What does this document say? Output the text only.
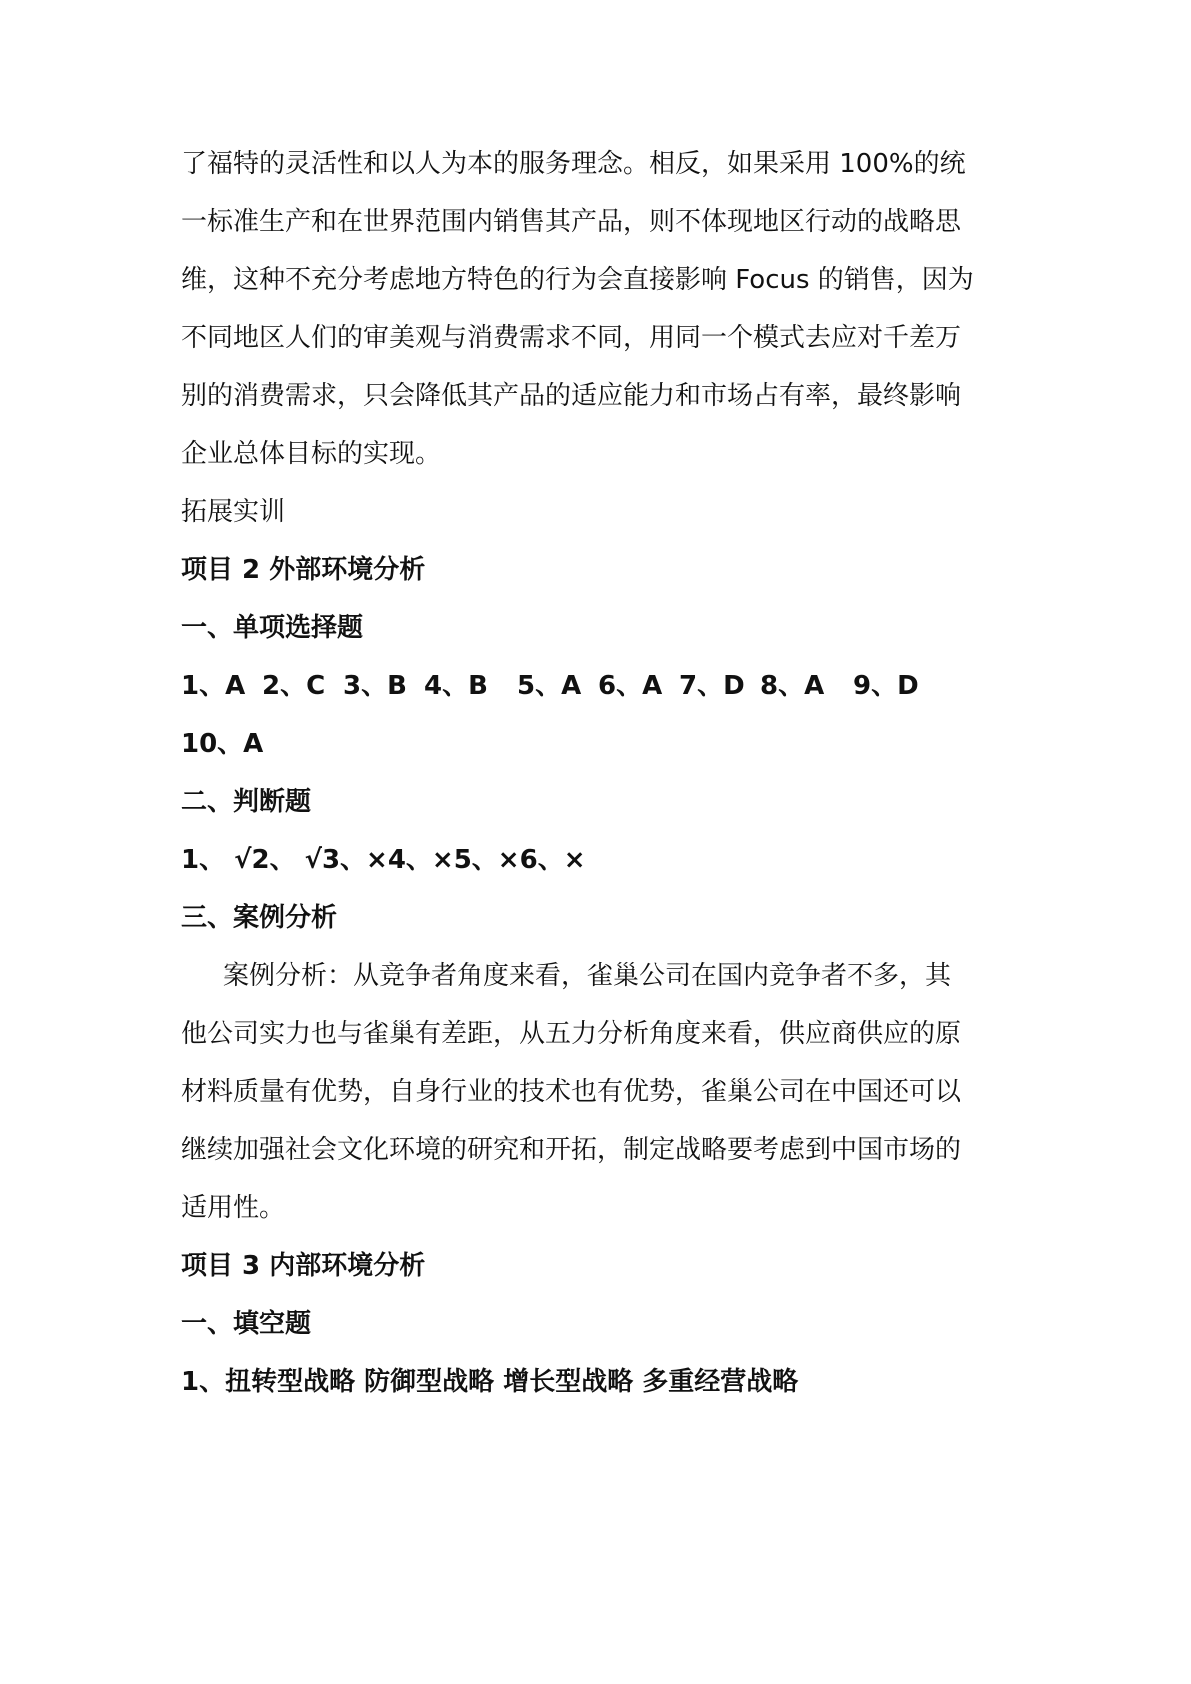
了福特的灵活性和以人为本的服务理念。相反，如果采用 100%的统
一标准生产和在世界范围内销售其产品，则不体现地区行动的战略思
维，这种不充分考虑地方特色的行为会直接影响 Focus 的销售，因为
不同地区人们的审美观与消费需求不同，用同一个模式去应对千差万
别的消费需求，只会降低其产品的适应能力和市场占有率，最终影响
企业总体目标的实现。
拓展实训
项目 2 外部环境分析
一、单项选择题
1、A 2、C 3、B 4、B 5、A 6、A 7、D 8、A 9、D
10、A
二、判断题
1、 √2、 √3、×4、×5、×6、×
三、案例分析
案例分析：从竞争者角度来看，雀巢公司在国内竞争者不多，其
他公司实力也与雀巢有差距，从五力分析角度来看，供应商供应的原
材料质量有优势，自身行业的技术也有优势，雀巢公司在中国还可以
继续加强社会文化环境的研究和开拓，制定战略要考虑到中国市场的
适用性。
项目 3 内部环境分析
一、填空题
1、扭转型战略 防御型战略 增长型战略 多重经营战略
